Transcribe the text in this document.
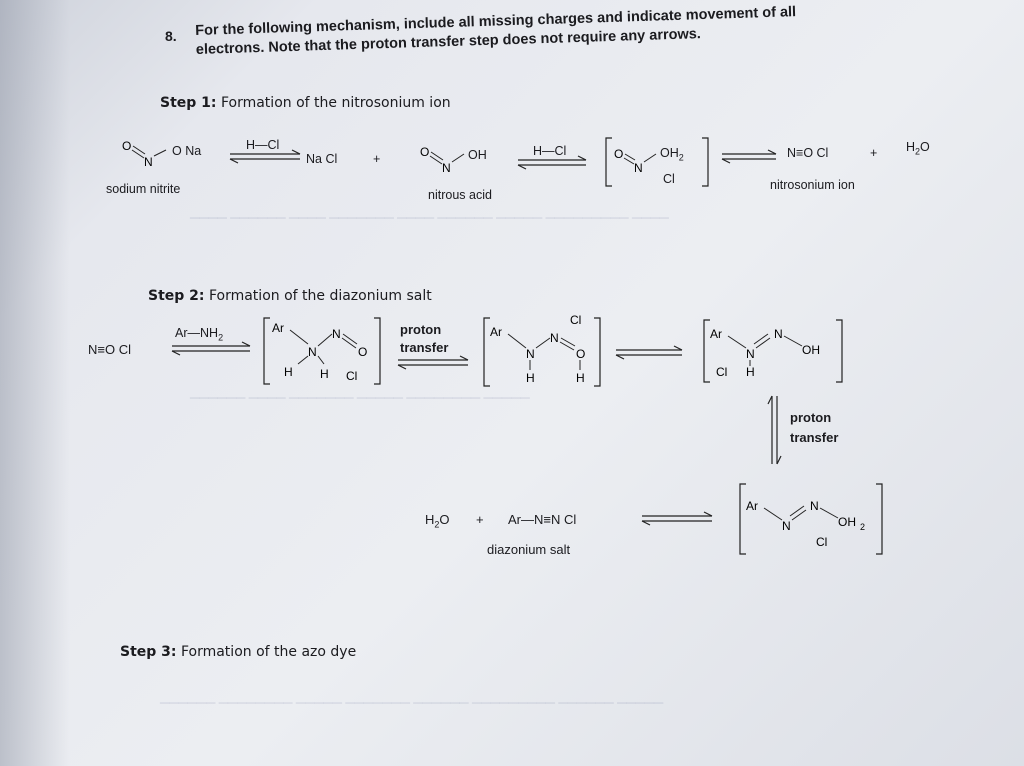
▁▁▁▁ ▁▁▁▁▁▁ ▁▁▁▁ ▁▁▁▁▁▁▁ ▁▁▁▁ ▁▁▁▁▁▁ ▁▁▁▁▁ ▁▁▁▁▁▁▁▁▁ ▁▁▁▁
▁▁▁▁▁▁ ▁▁▁▁ ▁▁▁▁▁▁▁ ▁▁▁▁▁ ▁▁▁▁▁▁▁▁ ▁▁▁▁▁
▁▁▁▁▁▁ ▁▁▁▁▁▁▁▁ ▁▁▁▁▁ ▁▁▁▁▁▁▁ ▁▁▁▁▁▁ ▁▁▁▁▁▁▁▁▁ ▁▁▁▁▁▁ ▁▁▁▁▁
8. For the following mechanism, include all missing charges and indicate movement of all electrons. Note that the proton transfer step does not require any arrows.
Step 1: Formation of the nitrosonium ion
O
N
O Na
sodium nitrite
H—Cl
Na Cl	+	O
N
OH
nitrous acid
H—Cl	O
N
$OH_2$
Cl
⇌ N≡O Cl	+ $H_2O$
nitrosonium ion
Step 2: Formation of the diazonium salt
N≡O Cl
$Ar—NH_2$
Ar
N
N
O
H H Cl
proton
transfer
Cl
Ar
N
N
O
H	H
Ar
N
N
OH
Cl H
proton
transfer
Ar
N
N
OH 2
Cl
$H_2O$ + Ar—N≡N Cl
diazonium salt
Step 3: Formation of the azo dye
